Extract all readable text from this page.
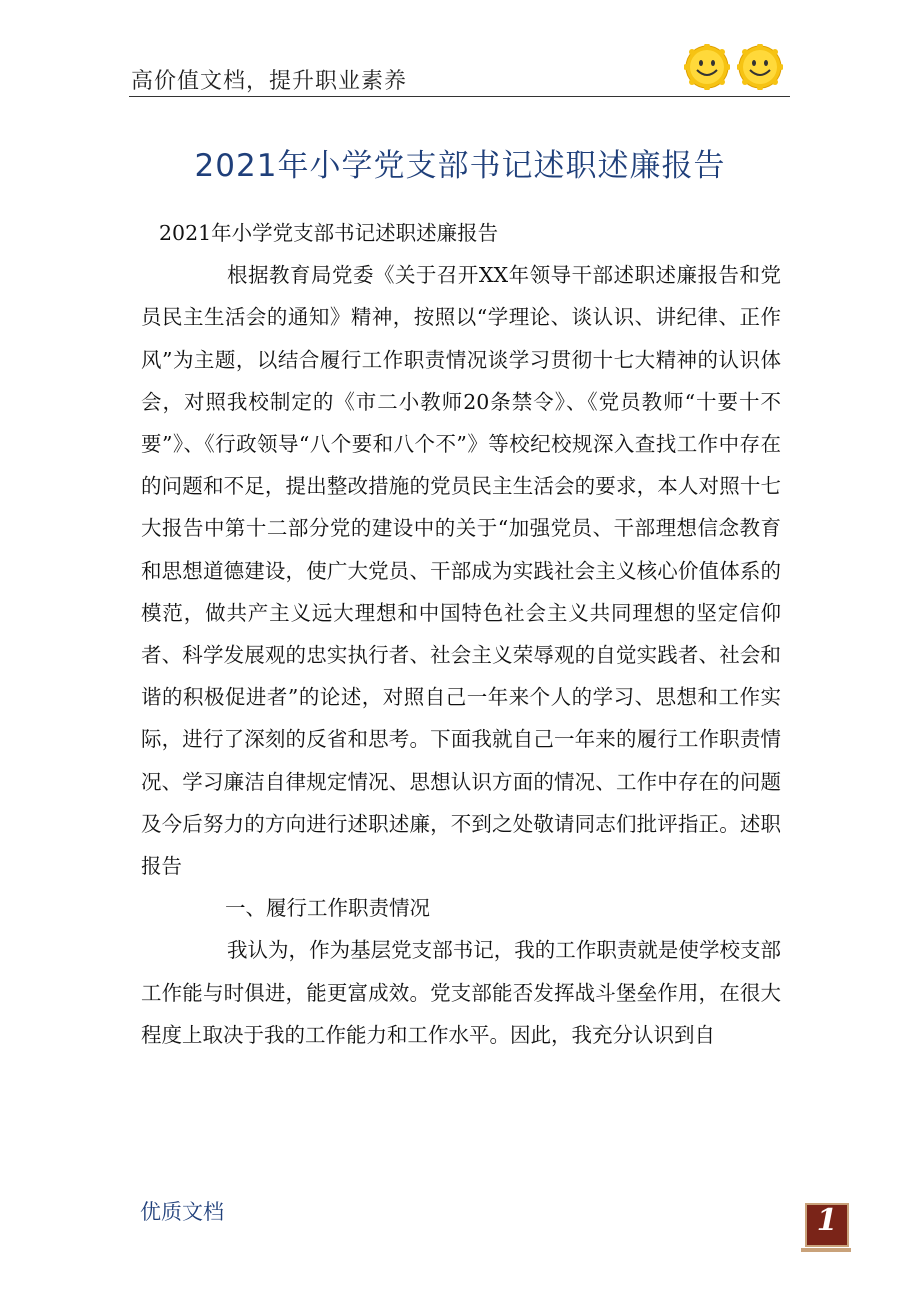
高价值文档，提升职业素养
2021年小学党支部书记述职述廉报告

2021年小学党支部书记述职述廉报告

根据教育局党委《关于召开XX年领导干部述职述廉报告和党员民主生活会的通知》精神，按照以“学理论、谈认识、讲纪律、正作风”为主题，以结合履行工作职责情况谈学习贯彻十七大精神的认识体会，对照我校制定的《市二小教师20条禁令》、《党员教师“十要十不要”》、《行政领导“八个要和八个不”》等校纪校规深入查找工作中存在的问题和不足，提出整改措施的党员民主生活会的要求，本人对照十七大报告中第十二部分党的建设中的关于“加强党员、干部理想信念教育和思想道德建设，使广大党员、干部成为实践社会主义核心价值体系的模范，做共产主义远大理想和中国特色社会主义共同理想的坚定信仰者、科学发展观的忠实执行者、社会主义荣辱观的自觉实践者、社会和谐的积极促进者”的论述，对照自己一年来个人的学习、思想和工作实际，进行了深刻的反省和思考。下面我就自己一年来的履行工作职责情况、学习廉洁自律规定情况、思想认识方面的情况、工作中存在的问题及今后努力的方向进行述职述廉，不到之处敬请同志们批评指正。述职报告

一、履行工作职责情况

我认为，作为基层党支部书记，我的工作职责就是使学校支部工作能与时俱进，能更富成效。党支部能否发挥战斗堡垒作用，在很大程度上取决于我的工作能力和工作水平。因此，我充分认识到自

优质文档	1
